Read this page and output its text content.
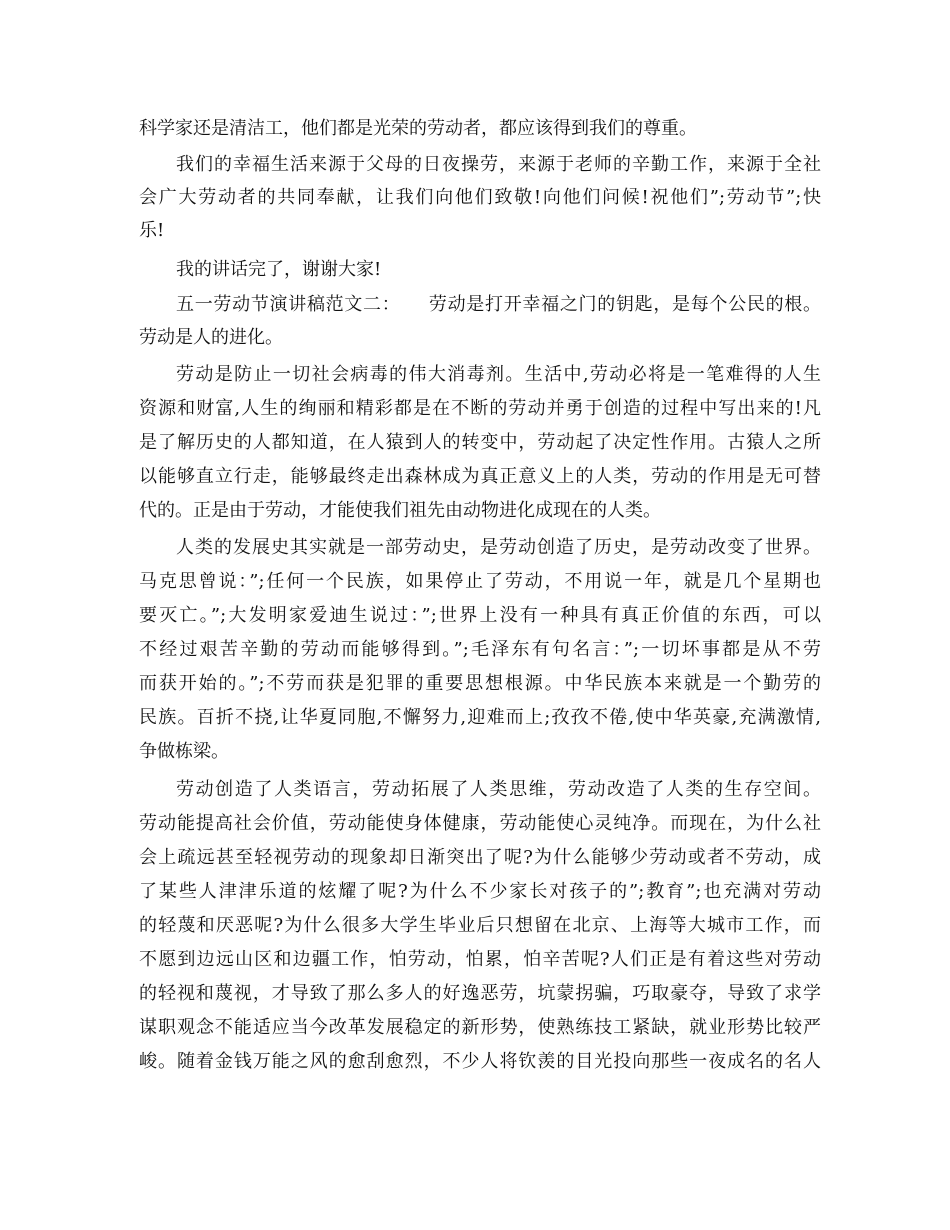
科学家还是清洁工，他们都是光荣的劳动者，都应该得到我们的尊重。
我们的幸福生活来源于父母的日夜操劳，来源于老师的辛勤工作，来源于全社
会广大劳动者的共同奉献，让我们向他们致敬!向他们问候!祝他们”;劳动节”;快
乐!
我的讲话完了，谢谢大家!
五一劳动节演讲稿范文二：　　劳动是打开幸福之门的钥匙，是每个公民的根。
劳动是人的进化。
劳动是防止一切社会病毒的伟大消毒剂。生活中,劳动必将是一笔难得的人生
资源和财富,人生的绚丽和精彩都是在不断的劳动并勇于创造的过程中写出来的!凡
是了解历史的人都知道，在人猿到人的转变中，劳动起了决定性作用。古猿人之所
以能够直立行走，能够最终走出森林成为真正意义上的人类，劳动的作用是无可替
代的。正是由于劳动，才能使我们祖先由动物进化成现在的人类。
人类的发展史其实就是一部劳动史，是劳动创造了历史，是劳动改变了世界。
马克思曾说：”;任何一个民族，如果停止了劳动，不用说一年，就是几个星期也
要灭亡。”;大发明家爱迪生说过：”;世界上没有一种具有真正价值的东西，可以
不经过艰苦辛勤的劳动而能够得到。”;毛泽东有句名言：”;一切坏事都是从不劳
而获开始的。”;不劳而获是犯罪的重要思想根源。中华民族本来就是一个勤劳的
民族。百折不挠,让华夏同胞,不懈努力,迎难而上;孜孜不倦,使中华英豪,充满激情,
争做栋梁。
劳动创造了人类语言，劳动拓展了人类思维，劳动改造了人类的生存空间。
劳动能提高社会价值，劳动能使身体健康，劳动能使心灵纯净。而现在，为什么社
会上疏远甚至轻视劳动的现象却日渐突出了呢?为什么能够少劳动或者不劳动，成
了某些人津津乐道的炫耀了呢?为什么不少家长对孩子的”;教育”;也充满对劳动
的轻蔑和厌恶呢?为什么很多大学生毕业后只想留在北京、上海等大城市工作，而
不愿到边远山区和边疆工作，怕劳动，怕累，怕辛苦呢?人们正是有着这些对劳动
的轻视和蔑视，才导致了那么多人的好逸恶劳，坑蒙拐骗，巧取豪夺，导致了求学
谋职观念不能适应当今改革发展稳定的新形势，使熟练技工紧缺，就业形势比较严
峻。随着金钱万能之风的愈刮愈烈，不少人将钦羡的目光投向那些一夜成名的名人
